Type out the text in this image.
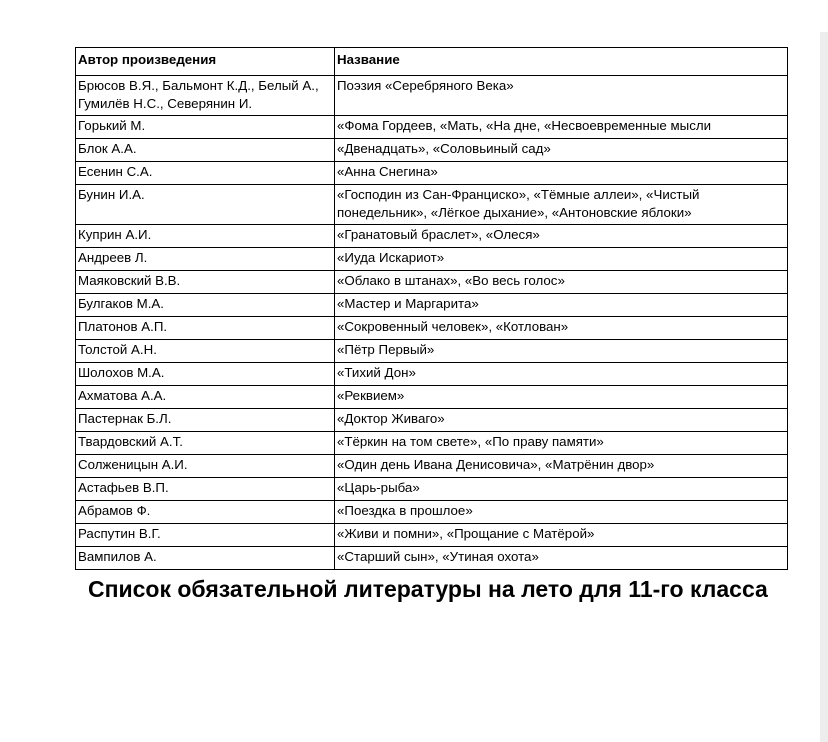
Автор произведения	Название
Брюсов В.Я., Бальмонт К.Д., Белый А., Гумилёв Н.С., Северянин И.	Поэзия «Серебряного Века»
Горький М.	«Фома Гордеев, «Мать, «На дне, «Несвоевременные мысли
Блок А.А.	«Двенадцать», «Соловьиный сад»
Есенин С.А.	«Анна Снегина»
Бунин И.А.	«Господин из Сан-Франциско», «Тёмные аллеи», «Чистый понедельник», «Лёгкое дыхание», «Антоновские яблоки»
Куприн А.И.	«Гранатовый браслет», «Олеся»
Андреев Л.	«Иуда Искариот»
Маяковский В.В.	«Облако в штанах», «Во весь голос»
Булгаков М.А.	«Мастер и Маргарита»
Платонов А.П.	«Сокровенный человек», «Котлован»
Толстой А.Н.	«Пётр Первый»
Шолохов М.А.	«Тихий Дон»
Ахматова А.А.	«Реквием»
Пастернак Б.Л.	«Доктор Живаго»
Твардовский А.Т.	«Тёркин на том свете», «По праву памяти»
Солженицын А.И.	«Один день Ивана Денисовича», «Матрёнин двор»
Астафьев В.П.	«Царь-рыба»
Абрамов Ф.	«Поездка в прошлое»
Распутин В.Г.	«Живи и помни», «Прощание с Матёрой»
Вампилов А.	«Старший сын», «Утиная охота»
Список обязательной литературы на лето для 11-го класса
